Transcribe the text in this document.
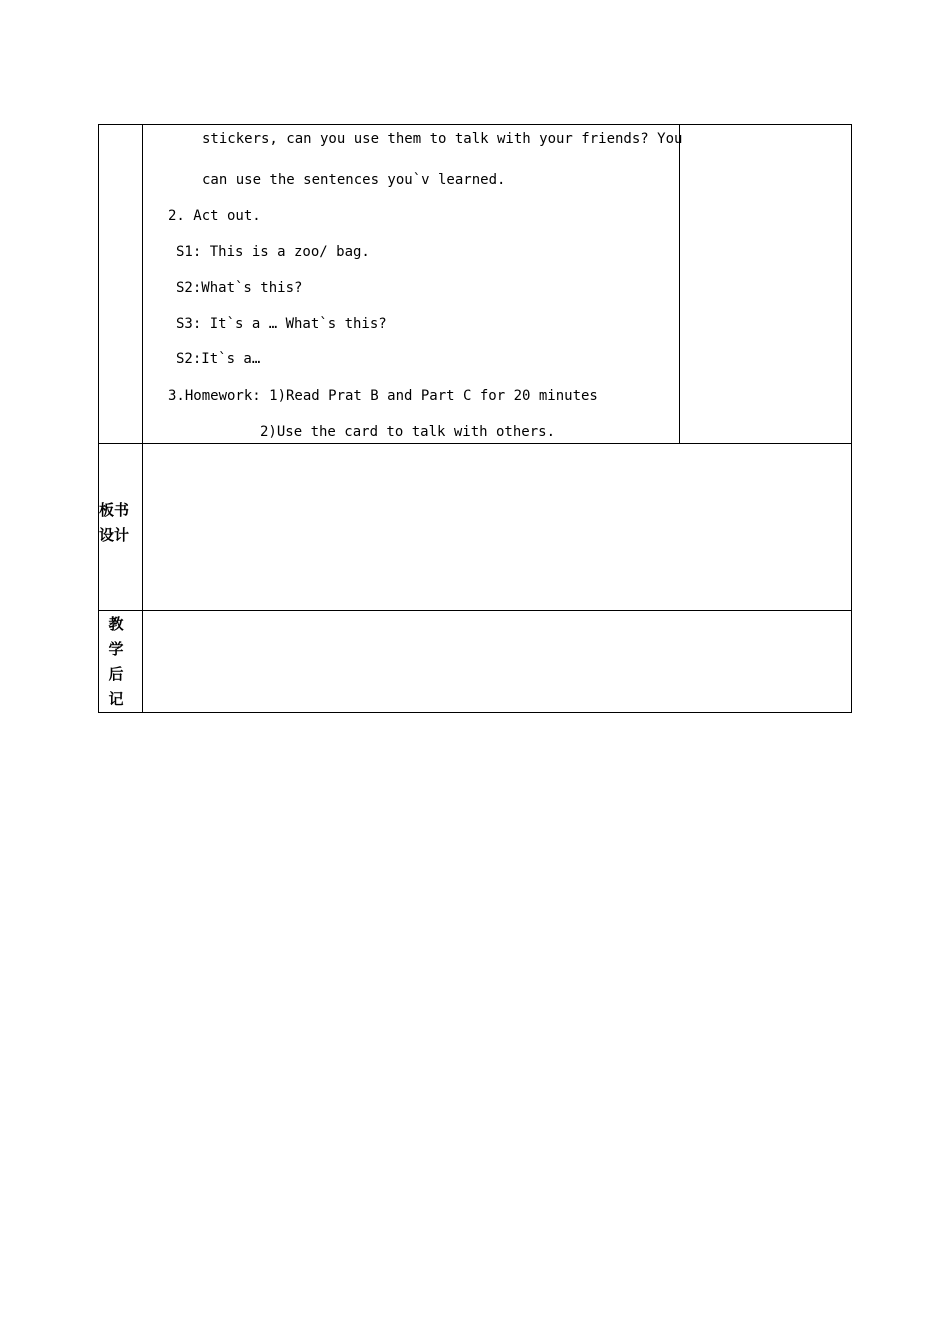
stickers, can you use them to talk with your friends? You
can use the sentences you`v learned.
2. Act out.
S1: This is a zoo/ bag.
S2:What`s this?
S3: It`s a … What`s this?
S2:It`s a…
3.Homework: 1)Read Prat B and Part C for 20 minutes
2)Use the card to talk with others.
板书
设计
教
学
后
记
